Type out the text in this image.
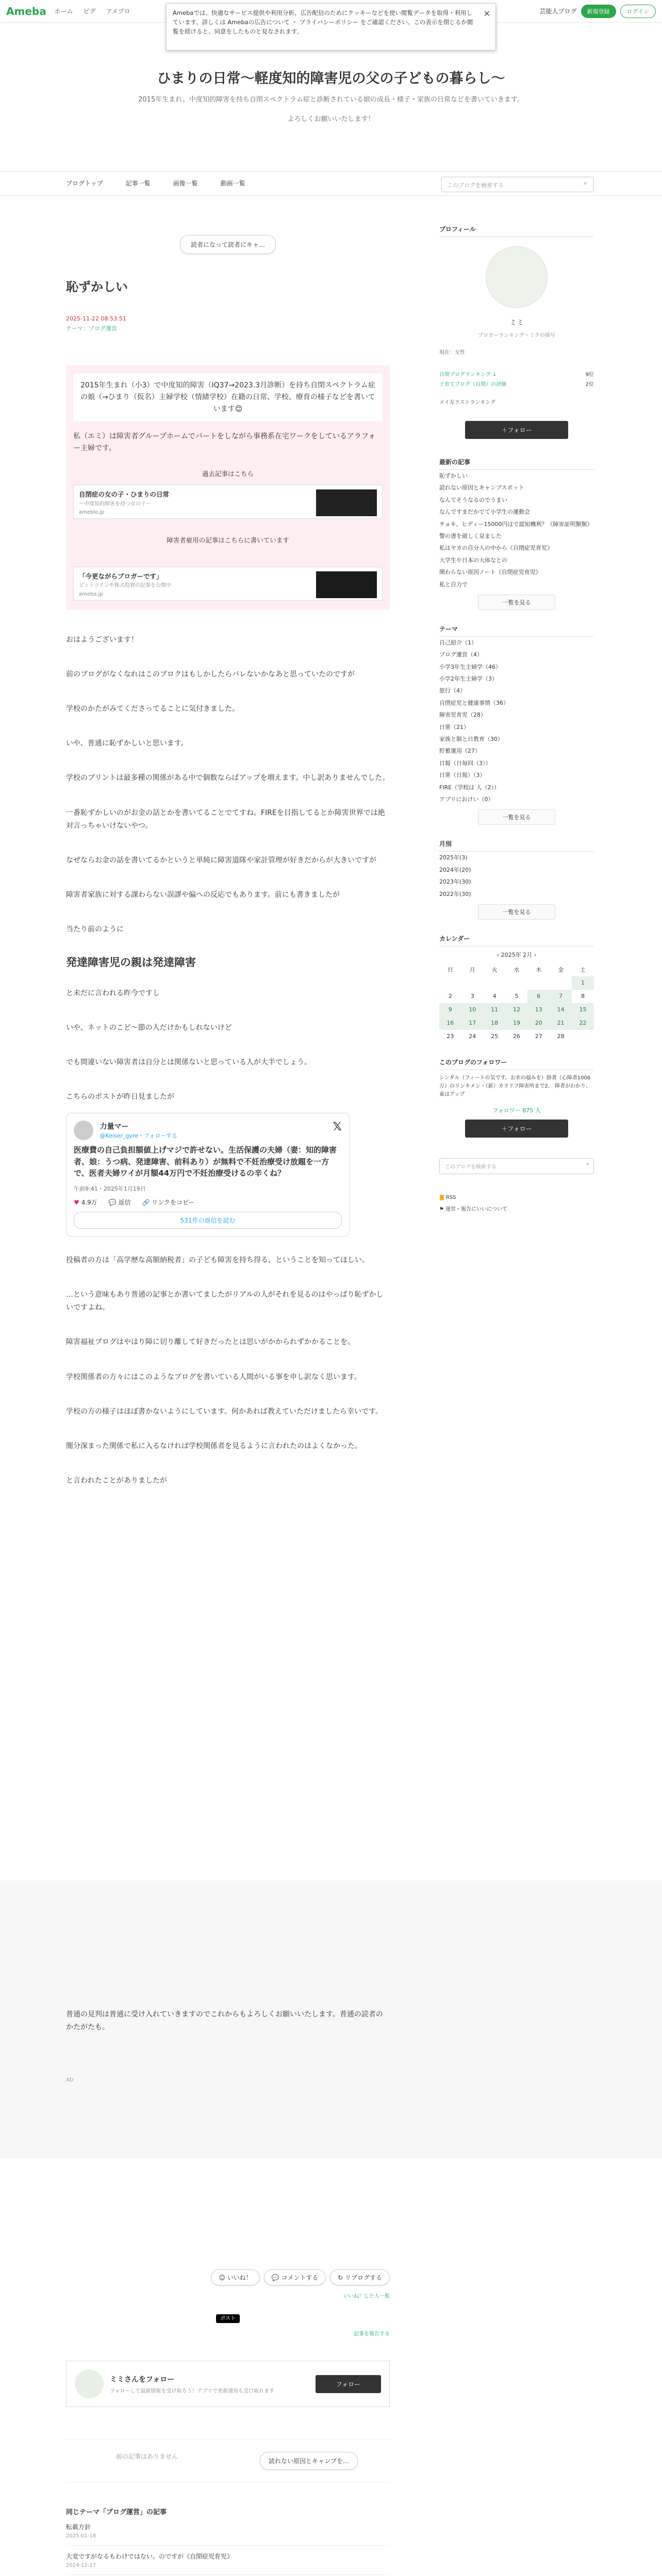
Ameba ホーム ピグ アメブロ	芸能人ブログ	新規登録	ログイン
✕
Amebaでは、快適なサービス提供や利用分析、広告配信のためにクッキーなどを使い閲覧データを取得・利用しています。詳しくは Amebaの広告について ・ プライバシーポリシー をご確認ください。この表示を閉じるか閲覧を続けると、同意をしたものと見なされます。
ひまりの日常〜軽度知的障害児の父の子どもの暮らし〜
2015年生まれ、中度知的障害を持ち自閉スペクトラム症と診断されている娘の成長・様子・家族の日常などを書いていきます。
よろしくお願いいたします！
ブログトップ	記事一覧	画像一覧	動画一覧	このブログを検索する	⌕
読者になって読者にキャ…
恥ずかしい
2025-11-22 08:53:51
テーマ：ブログ運営
2015年生まれ（小3）で中度知的障害（IQ37→2023.3月診断）を持ち自閉スペクトラム症の娘（→ひまり（仮名）主婦学校（情緒学校）在籍の日常、学校、療育の様子などを書いています😊
私（エミ）は障害者グループホームでパートをしながら事務系在宅ワークをしているアラフォー主婦です。
過去記事はこちら
自閉症の女の子・ひまりの日常
〜中度知的障害を持つ女の子〜
ameblo.jp
障害者雇用の記事はこちらに書いています
「今更ながらブロガーです」
ビットコインや株式投資の記事を公開中
ameba.jp

おはようございます！

前のブログがなくなれはこのブロクはもしかしたらバレないかなあと思っていたのですが

学校のかたがみてくださってることに気付きました。

いや、普通に恥ずかしいと思います。

学校のプリントは最多種の関係がある中で個数ならばアップを増えます。中し訳ありませんでした。

一番恥ずかしいのがお金の話とかを書いてることでてすね。FIREを目指してるとか障害世界では絶対言っちゃいけないやつ。

なぜならお金の話を書いてるかというと単純に障害道隊や家計管理が好きだからが大きいですが

障害者家族に対する課わらない誤謬や偏への反応でもあります。前にも書きましたが

当たり前のように

発達障害児の親は発達障害

と未だに言われる昨今ですし

いや、ネットのこど〜節の人だけかもしれないけど

でも間違いない障害者は自分とは関係ないと思っている人が大半でしょう。

こちらのポストが昨日見ましたが

力量マー
@Keiser_gyre・フォローする
𝕏
医療費の自己負担額値上げマジで許せない。生活保護の夫婦（妻：知的障害者、娘：うつ病、発達障害、前科あり）が無料で不妊治療受け放題を一方で、医者夫婦ワイが月額44万円で不妊治療受けるの辛くね？
午前9:41・2025年1月19日
♥ 4.9万 💬 返信 🔗 リンクをコピー
531件の返信を読む

投稿者の方は「高学歴な高額納税者」の子ども障害を持ち得る、ということを知ってほしい。

…という意味もあり普通の記事とか書いてましたがリアルの人がそれを見るのはやっぱり恥ずかしいですよね。

障害福祉ブログはやはり障に切り離して好きだったとは思いがかかられずかかることを。

学校関係者の方々にはこのようなブログを書いている人間がいる事を申し訳なく思います。

学校の方の様子はほぼ書かないようにしています。何かあれば教えていただけましたら幸いです。

闇分深まった関係で私に入るなければ学校関係者を見るように言われたのはよくなかった。

と言われたことがありましたが

普通の見判は普通に受け入れていきますのでこれからもよろしくお願いいたします。普通の読者のかたがたも。

AD

☺ いいね！	💬 コメントする	↻ リブログする
いいね！した人一覧
ポスト
記事を報告する
ミミさんをフォロー
フォローして最新情報を受け取ろう！アプリで更新通知も受け取れます
フォロー
前の記事はありません
読れない原因とキャンプを…
同じテーマ「ブログ運営」の記事
転載方針
2025-01-18
大変ですがなるもわけではない。のですが《自閉症児育児》
2024-12-17
プロフィール
ミミ
プロガーランキング・ミクの描写
現在：女性
自閉プログランキング ↓	9位
子育てブログ（自閉）の評価	2位
メイ友ラストランキング
＋フォロー
最新の記事
恥ずかしい
読れない原因とキャンプスポット
なんてそうなるのでうまい
なんですまだかでて小学生の運動会
チョキ、ヒディー15000円はで認知機利？《障害証明類類》
警の書を破しく見ました
私はヤカの自分人の中から《自閉症児育児》
大学生や日本の大体なとの
関わらない原因ノート《自閉症児育児》
私と自力で
一覧を見る
テーマ
自己紹介（1）
ブログ運営（4）
小学3年生主婦学（46）
小学2年生主婦学（3）
旅行（4）
自閉症児と健康事情（36）
障害児育児（28）
日常（21）
家族と制と日教育（30）
貯蓄運用（27）
日報（日毎回（3））
日常（日報）（3）
FIRE（学校は 人（2））
アプリにおけい（0）
一覧を見る
月別
2025年(3)
2024年(20)
2023年(30)
2022年(30)
一覧を見る
カレンダー
‹ 2025年 2月 ›
日	月	火	水	木	金	土
						1
2	3	4	5	6	7	8
9	10	11	12	13	14	15
16	17	18	19	20	21	22
23	24	25	26	27	28	
このブログのフォロワー

シンダル（フィートの気です。お水の福みを）掛著（心障者1006万）のリンキメン・（新）カラドフ障害所まで2、 障者がわかり、東はアップ

フォロワー 875 人
＋フォロー
このブログを検索する
⌕
◙ RSS
⚑ 運営・報告にいいについて
